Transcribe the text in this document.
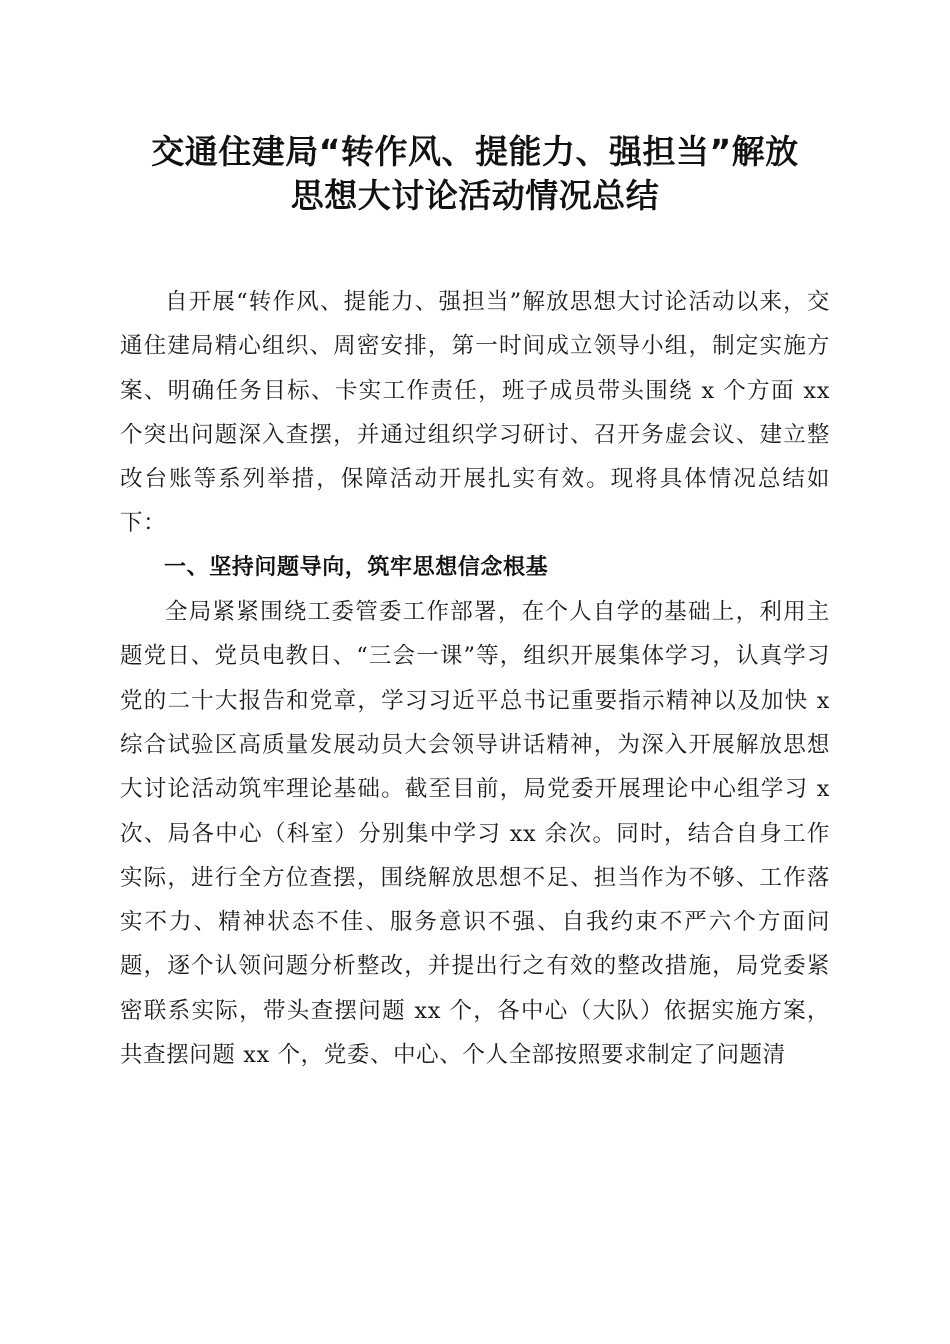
交通住建局“转作风、提能力、强担当”解放
思想大讨论活动情况总结

自开展“转作风、提能力、强担当”解放思想大讨论活动以来，交通住建局精心组织、周密安排，第一时间成立领导小组，制定实施方案、明确任务目标、卡实工作责任，班子成员带头围绕 x 个方面 xx 个突出问题深入查摆，并通过组织学习研讨、召开务虚会议、建立整改台账等系列举措，保障活动开展扎实有效。现将具体情况总结如下：

一、坚持问题导向，筑牢思想信念根基

全局紧紧围绕工委管委工作部署，在个人自学的基础上，利用主题党日、党员电教日、“三会一课”等，组织开展集体学习，认真学习党的二十大报告和党章，学习习近平总书记重要指示精神以及加快 x 综合试验区高质量发展动员大会领导讲话精神，为深入开展解放思想大讨论活动筑牢理论基础。截至目前，局党委开展理论中心组学习 x 次、局各中心（科室）分别集中学习 xx 余次。同时，结合自身工作实际，进行全方位查摆，围绕解放思想不足、担当作为不够、工作落实不力、精神状态不佳、服务意识不强、自我约束不严六个方面问题，逐个认领问题分析整改，并提出行之有效的整改措施，局党委紧密联系实际，带头查摆问题 xx 个，各中心（大队）依据实施方案，共查摆问题 xx 个，党委、中心、个人全部按照要求制定了问题清
